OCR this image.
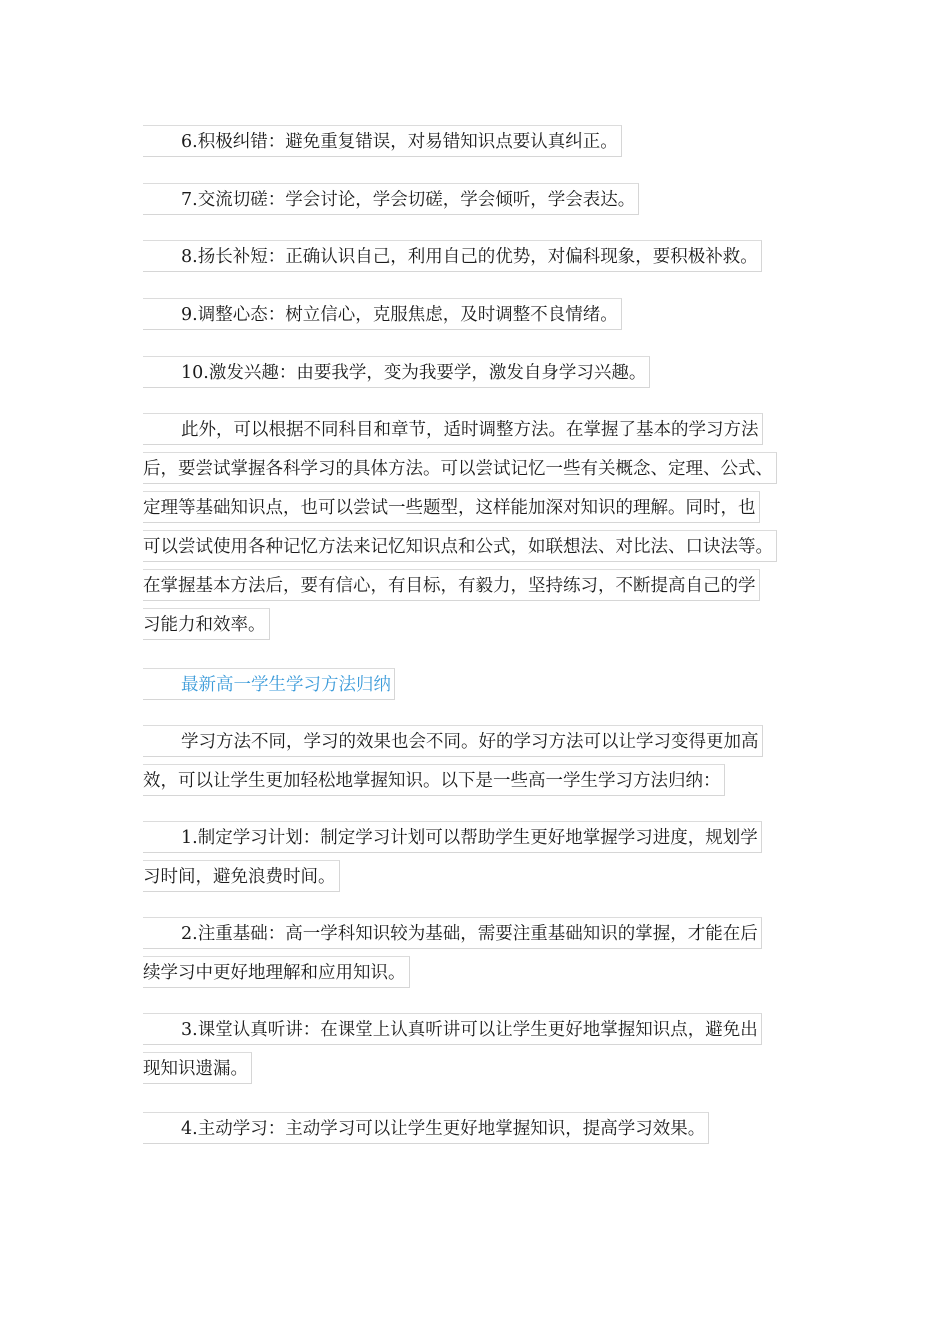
6.积极纠错：避免重复错误，对易错知识点要认真纠正。

7.交流切磋：学会讨论，学会切磋，学会倾听，学会表达。

8.扬长补短：正确认识自己，利用自己的优势，对偏科现象，要积极补救。

9.调整心态：树立信心，克服焦虑，及时调整不良情绪。

10.激发兴趣：由要我学，变为我要学，激发自身学习兴趣。

此外，可以根据不同科目和章节，适时调整方法。在掌握了基本的学习方法
后，要尝试掌握各科学习的具体方法。可以尝试记忆一些有关概念、定理、公式、
定理等基础知识点，也可以尝试一些题型，这样能加深对知识的理解。同时，也
可以尝试使用各种记忆方法来记忆知识点和公式，如联想法、对比法、口诀法等。
在掌握基本方法后，要有信心，有目标，有毅力，坚持练习，不断提高自己的学
习能力和效率。

最新高一学生学习方法归纳

学习方法不同，学习的效果也会不同。好的学习方法可以让学习变得更加高
效，可以让学生更加轻松地掌握知识。以下是一些高一学生学习方法归纳：

1.制定学习计划：制定学习计划可以帮助学生更好地掌握学习进度，规划学
习时间，避免浪费时间。

2.注重基础：高一学科知识较为基础，需要注重基础知识的掌握，才能在后
续学习中更好地理解和应用知识。

3.课堂认真听讲：在课堂上认真听讲可以让学生更好地掌握知识点，避免出
现知识遗漏。

4.主动学习：主动学习可以让学生更好地掌握知识，提高学习效果。
